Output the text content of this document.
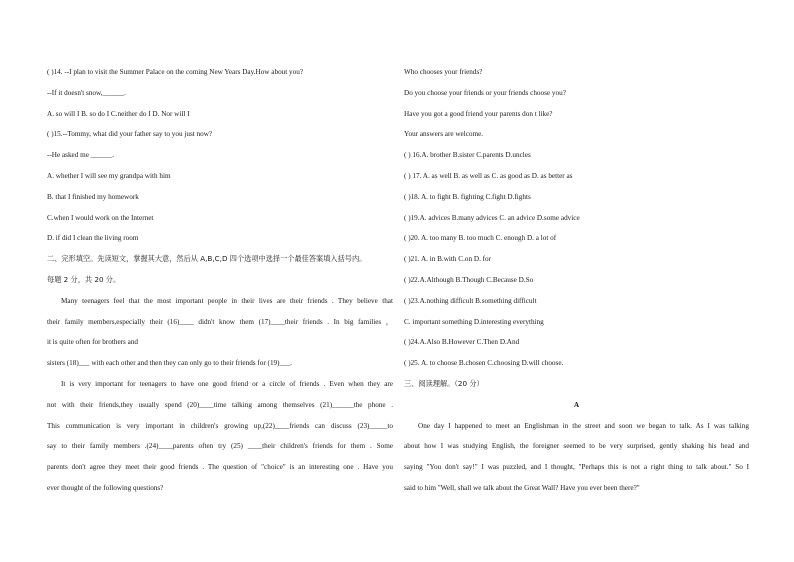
( )14. --I plan to visit the Summer Palace on the coming New Years Day.How about you?
--If it doesn't snow,______.
A. so will I B. so do I C.neither do I D. Nor will I
( )15.--Tommy, what did your father say to you just now?
--He asked me ______.
A. whether I will see my grandpa with him
B. that I finished my homework
C.when I would work on the Internet
D. if did I clean the living room
二、完形填空。先读短文，掌握其大意，然后从 A,B,C,D 四个选项中选择一个最佳答案填入括号内。
每题 2 分，共 20 分。
Many teenagers feel that the most important people in their lives are their friends . They believe that
their family members,especially their (16)____ didn't know them (17)____their friends . In big families ，
it is quite often for brothers and
sisters (18)___ with each other and then they can only go to their friends for (19)___.
It is very important for teenagers to have one good friend or a circle of friends . Even when they are
not with their friends,they usually spend (20)____time talking among themselves (21)______the phone .
This communication is very important in children's growing up,(22)____friends can discuss (23)_____to
say to their family members .(24)____parents often try (25) ____their children's friends for them . Some
parents don't agree they meet their good friends . The question of "choice" is an interesting one . Have you
ever thought of the following questions?
Who chooses your friends?
Do you choose your friends or your friends choose you?
Have you got a good friend your parents don t like?
Your answers are welcome.
( ) 16.A. brother B.sister C.parents D.uncles
( ) 17. A. as well B. as well as C. as good as D. as better as
( )18. A. to fight B. fighting C.fight D.fights
( )19.A. advices B.many advices C. an advice D.some advice
( )20. A. too many B. too much C. enough D. a lot of
( )21. A. in B.with C.on D. for
( )22.A.Although B.Though C.Because D.So
( )23.A.nothing difficult B.something difficult
C. important something D.interesting everything
( )24.A.Also B.However C.Then D.And
( )25. A. to choose B.chosen C.choosing D.will choose.
三、阅读理解。（20 分）
A
One day I happened to meet an Englishman in the street and soon we began to talk. As I was talking
about how I was studying English, the foreigner seemed to be very surprised, gently shaking his head and
saying "You don't say!" I was puzzled, and I thought, "Perhaps this is not a right thing to talk about." So I
said to him "Well, shall we talk about the Great Wall? Have you ever been there?"
